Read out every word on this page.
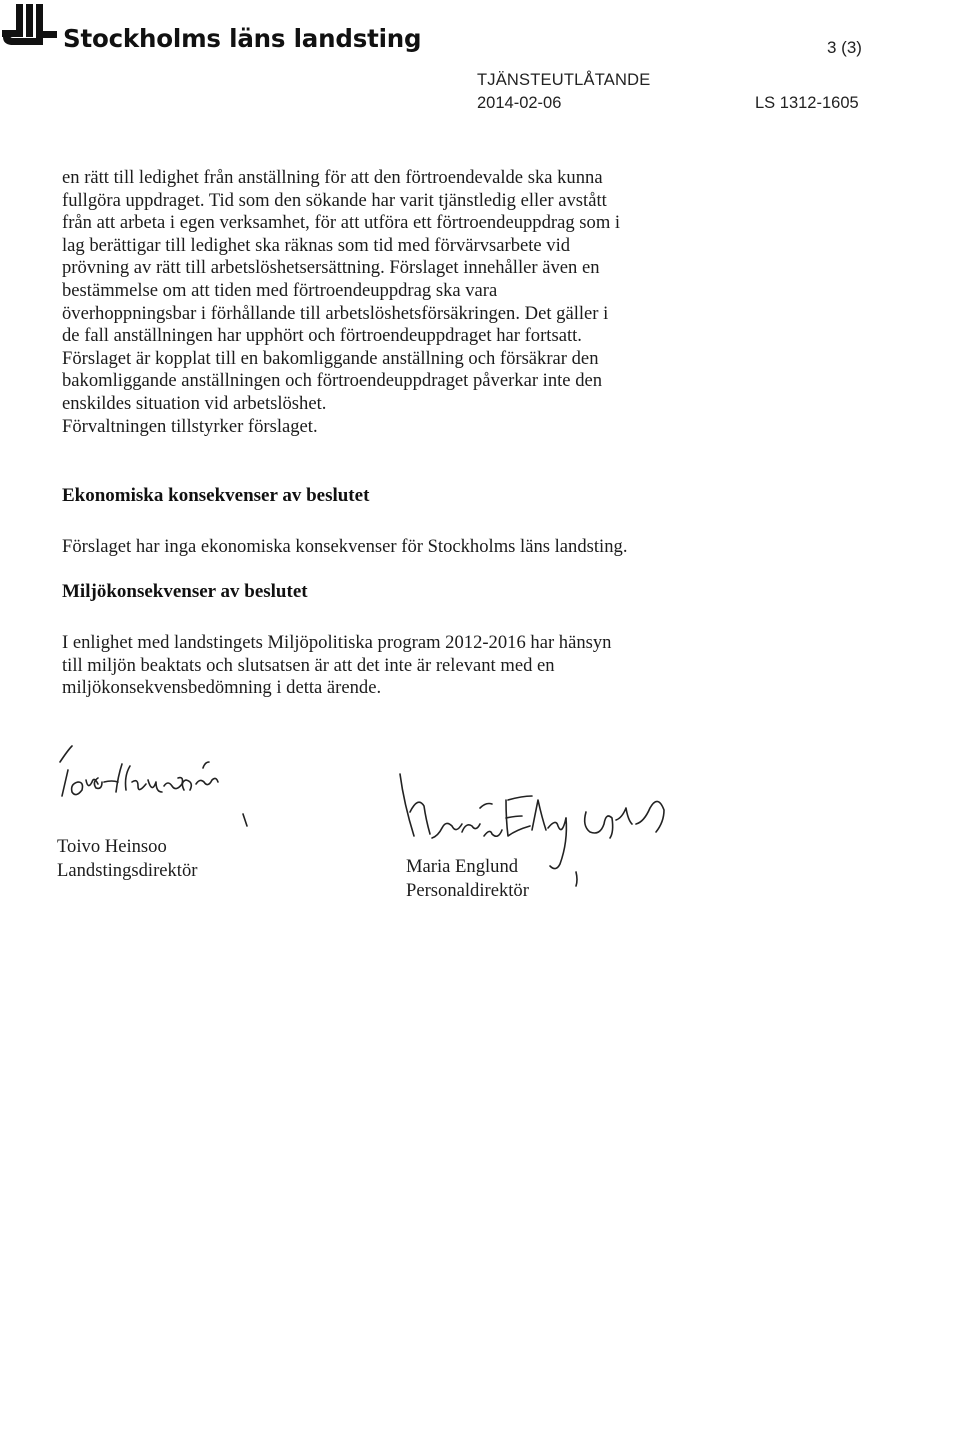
Stockholms läns landsting	3 (3)
TJÄNSTEUTLÅTANDE
2014-02-06	LS 1312-1605
en rätt till ledighet från anställning för att den förtroendevalde ska kunna
fullgöra uppdraget. Tid som den sökande har varit tjänstledig eller avstått
från att arbeta i egen verksamhet, för att utföra ett förtroendeuppdrag som i
lag berättigar till ledighet ska räknas som tid med förvärvsarbete vid
prövning av rätt till arbetslöshetsersättning. Förslaget innehåller även en
bestämmelse om att tiden med förtroendeuppdrag ska vara
överhoppningsbar i förhållande till arbetslöshetsförsäkringen. Det gäller i
de fall anställningen har upphört och förtroendeuppdraget har fortsatt.
Förslaget är kopplat till en bakomliggande anställning och försäkrar den
bakomliggande anställningen och förtroendeuppdraget påverkar inte den
enskildes situation vid arbetslöshet.
Förvaltningen tillstyrker förslaget.
Ekonomiska konsekvenser av beslutet
Förslaget har inga ekonomiska konsekvenser för Stockholms läns landsting.
Miljökonsekvenser av beslutet
I enlighet med landstingets Miljöpolitiska program 2012-2016 har hänsyn
till miljön beaktats och slutsatsen är att det inte är relevant med en
miljökonsekvensbedömning i detta ärende.
Toivo Heinsoo
Landstingsdirektör	Maria Englund
Personaldirektör
